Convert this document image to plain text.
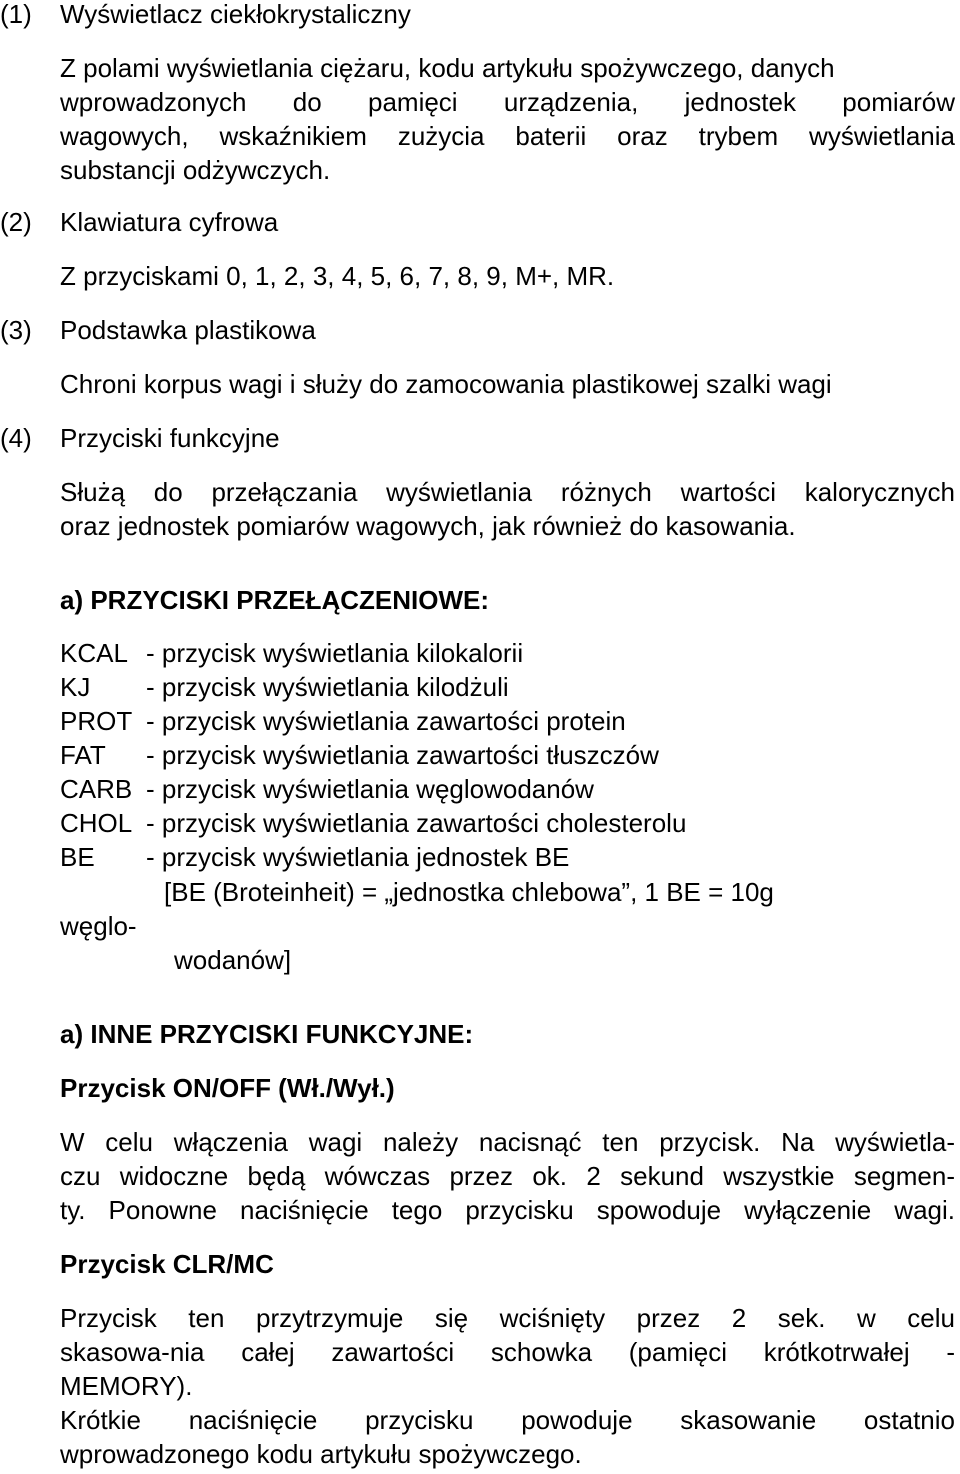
(1) Wyświetlacz ciekłokrystaliczny
Z polami wyświetlania ciężaru, kodu artykułu spożywczego, danych
wprowadzonych do pamięci urządzenia, jednostek pomiarów
wagowych, wskaźnikiem zużycia baterii oraz trybem wyświetlania
substancji odżywczych.
(2) Klawiatura cyfrowa
Z przyciskami 0, 1, 2, 3, 4, 5, 6, 7, 8, 9, M+, MR.
(3) Podstawka plastikowa
Chroni korpus wagi i służy do zamocowania plastikowej szalki wagi
(4) Przyciski funkcyjne
Służą do przełączania wyświetlania różnych wartości kalorycznych
oraz jednostek pomiarów wagowych, jak również do kasowania.
a) PRZYCISKI PRZEŁĄCZENIOWE:
KCAL - przycisk wyświetlania kilokalorii
KJ - przycisk wyświetlania kilodżuli
PROT - przycisk wyświetlania zawartości protein
FAT - przycisk wyświetlania zawartości tłuszczów
CARB - przycisk wyświetlania węglowodanów
CHOL - przycisk wyświetlania zawartości cholesterolu
BE - przycisk wyświetlania jednostek BE
[BE (Broteinheit) = „jednostka chlebowa”, 1 BE = 10g
węglo-
wodanów]
a) INNE PRZYCISKI FUNKCYJNE:
Przycisk ON/OFF (Wł./Wył.)
W celu włączenia wagi należy nacisnąć ten przycisk. Na wyświetla-
czu widoczne będą wówczas przez ok. 2 sekund wszystkie segmen-
ty. Ponowne naciśnięcie tego przycisku spowoduje wyłączenie wagi.
Przycisk CLR/MC
Przycisk ten przytrzymuje się wciśnięty przez 2 sek. w celu
skasowa-nia całej zawartości schowka (pamięci krótkotrwałej -
MEMORY).
Krótkie naciśnięcie przycisku powoduje skasowanie ostatnio
wprowadzonego kodu artykułu spożywczego.
